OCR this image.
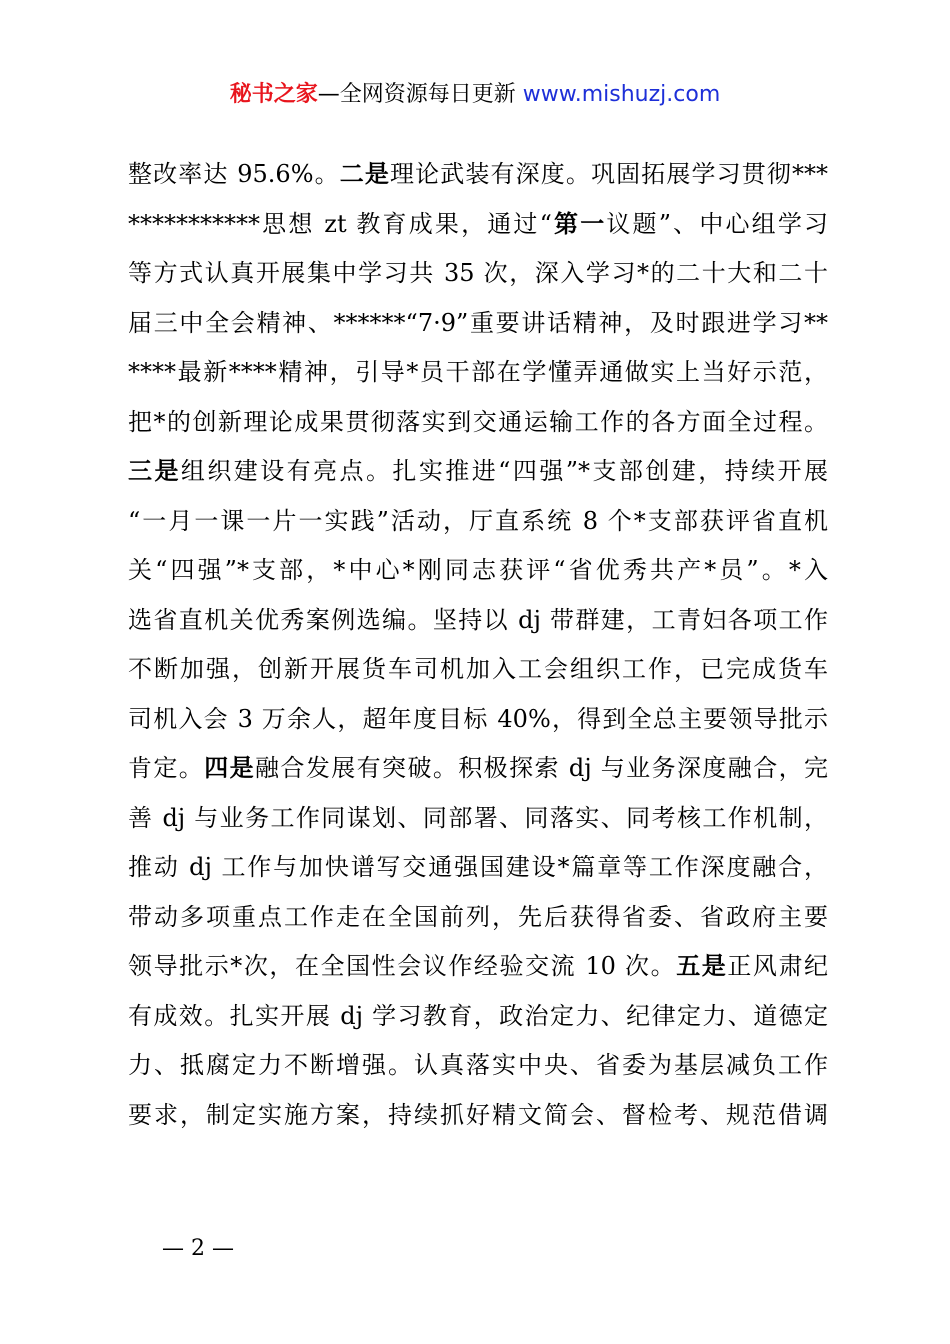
秘书之家—全网资源每日更新 www.mishuzj.com
整改率达 95.6%。二是理论武装有深度。巩固拓展学习贯彻***
***********思想 zt 教育成果，通过“第一议题”、中心组学习
等方式认真开展集中学习共 35 次，深入学习*的二十大和二十
届三中全会精神、******“7·9”重要讲话精神，及时跟进学习**
****最新****精神，引导*员干部在学懂弄通做实上当好示范，
把*的创新理论成果贯彻落实到交通运输工作的各方面全过程。
三是组织建设有亮点。扎实推进“四强”*支部创建，持续开展
“一月一课一片一实践”活动，厅直系统 8 个*支部获评省直机
关“四强”*支部，*中心*刚同志获评“省优秀共产*员”。*入
选省直机关优秀案例选编。坚持以 dj 带群建，工青妇各项工作
不断加强，创新开展货车司机加入工会组织工作，已完成货车
司机入会 3 万余人，超年度目标 40%，得到全总主要领导批示
肯定。四是融合发展有突破。积极探索 dj 与业务深度融合，完
善 dj 与业务工作同谋划、同部署、同落实、同考核工作机制，
推动 dj 工作与加快谱写交通强国建设*篇章等工作深度融合，
带动多项重点工作走在全国前列，先后获得省委、省政府主要
领导批示*次，在全国性会议作经验交流 10 次。五是正风肃纪
有成效。扎实开展 dj 学习教育，政治定力、纪律定力、道德定
力、抵腐定力不断增强。认真落实中央、省委为基层减负工作
要求，制定实施方案，持续抓好精文简会、督检考、规范借调
— 2 —
